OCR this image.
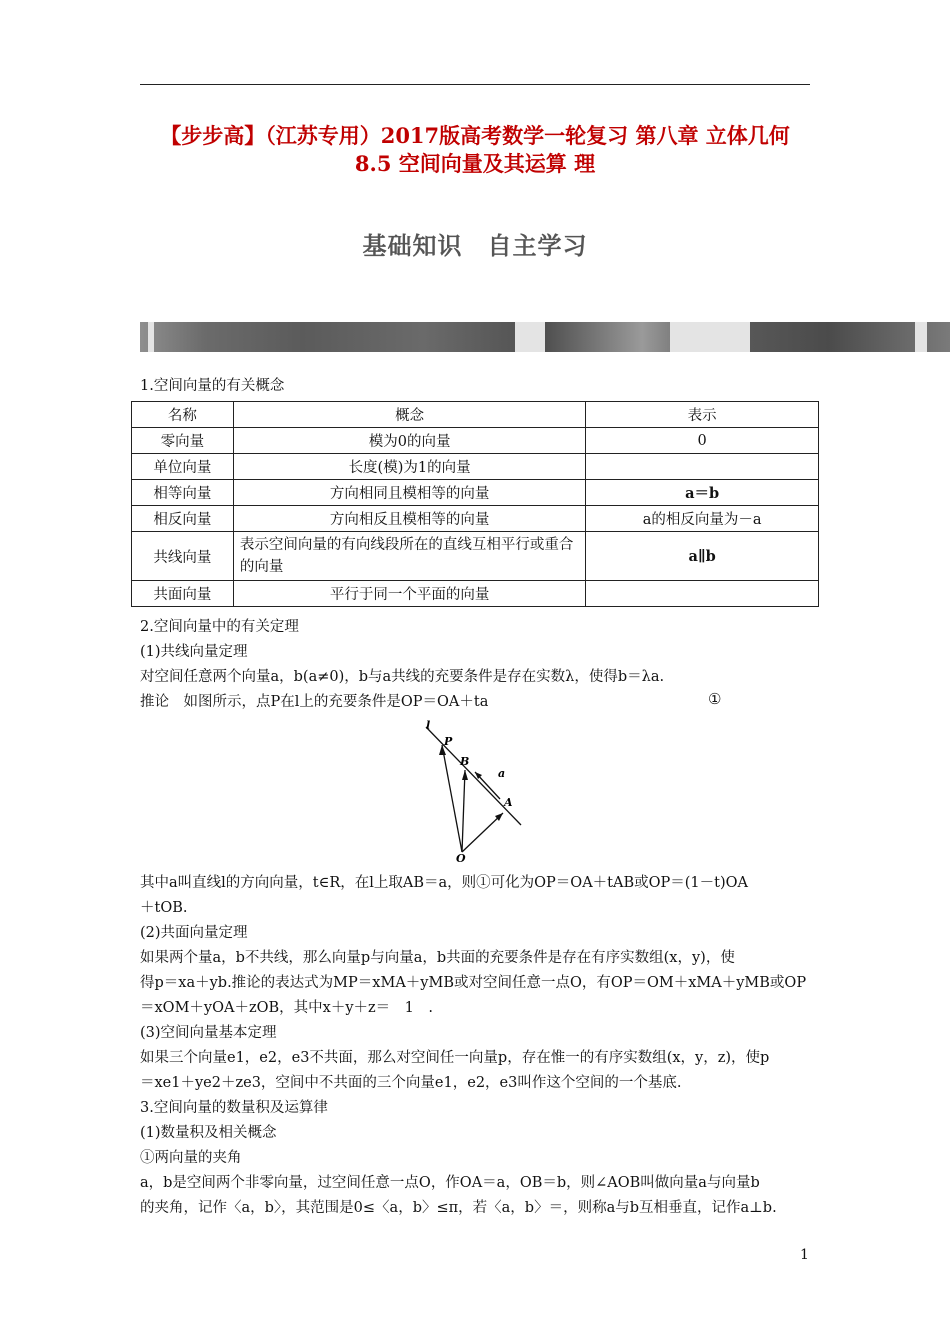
【步步高】（江苏专用）2017版高考数学一轮复习 第八章 立体几何
8.5 空间向量及其运算 理
基础知识　自主学习
1.空间向量的有关概念
名称	概念	表示
零向量	模为0的向量	0
单位向量	长度(模)为1的向量	
相等向量	方向相同且模相等的向量	a＝b
相反向量	方向相反且模相等的向量	a的相反向量为－a
共线向量	表示空间向量的有向线段所在的直线互相平行或重合的向量	a∥b
共面向量	平行于同一个平面的向量	
2.空间向量中的有关定理
(1)共线向量定理
对空间任意两个向量a，b(a≠0)，b与a共线的充要条件是存在实数λ，使得b＝λa.
推论　如图所示，点P在l上的充要条件是OP＝OA＋ta	①
l
P
B
a
A
O
其中a叫直线l的方向向量，t∈R，在l上取AB＝a，则①可化为OP＝OA＋tAB或OP＝(1－t)OA
＋tOB.
(2)共面向量定理
如果两个量a，b不共线，那么向量p与向量a，b共面的充要条件是存在有序实数组(x，y)，使
得p＝xa＋yb.推论的表达式为MP＝xMA＋yMB或对空间任意一点O，有OP＝OM＋xMA＋yMB或OP
＝xOM＋yOA＋zOB，其中x＋y＋z＝　1　.
(3)空间向量基本定理
如果三个向量e1，e2，e3不共面，那么对空间任一向量p，存在惟一的有序实数组(x，y，z)，使p
＝xe1＋ye2＋ze3，空间中不共面的三个向量e1，e2，e3叫作这个空间的一个基底.
3.空间向量的数量积及运算律
(1)数量积及相关概念
①两向量的夹角
a，b是空间两个非零向量，过空间任意一点O，作OA＝a，OB＝b，则∠AOB叫做向量a与向量b
的夹角，记作〈a，b〉，其范围是0≤〈a，b〉≤π，若〈a，b〉＝，则称a与b互相垂直，记作a⊥b.
1
